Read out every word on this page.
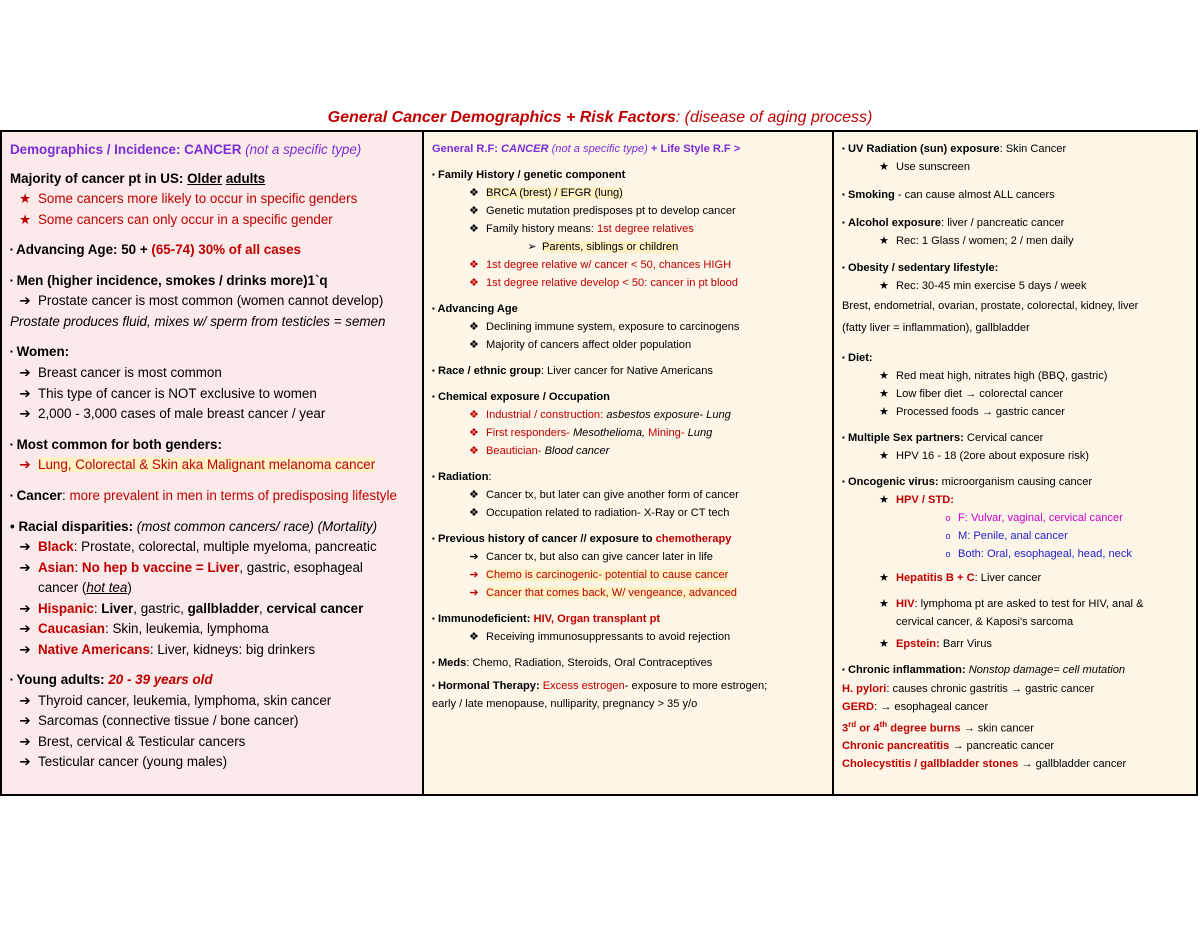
General Cancer Demographics + Risk Factors: (disease of aging process)
Demographics / Incidence: CANCER (not a specific type)
Majority of cancer pt in US: Older adults
★ Some cancers more likely to occur in specific genders
★ Some cancers can only occur in a specific gender
▪ Advancing Age: 50 + (65-74) 30% of all cases
▪ Men (higher incidence, smokes / drinks more)1`q
➔ Prostate cancer is most common (women cannot develop)
Prostate produces fluid, mixes w/ sperm from testicles = semen
▪ Women:
➔ Breast cancer is most common
➔ This type of cancer is NOT exclusive to women
➔ 2,000 - 3,000 cases of male breast cancer / year
▪ Most common for both genders:
➔ Lung, Colorectal & Skin aka Malignant melanoma cancer
▪ Cancer: more prevalent in men in terms of predisposing lifestyle
• Racial disparities: (most common cancers/ race) (Mortality)
➔ Black: Prostate, colorectal, multiple myeloma, pancreatic
➔ Asian: No hep b vaccine = Liver, gastric, esophageal
cancer (hot tea)
➔ Hispanic: Liver, gastric, gallbladder, cervical cancer
➔ Caucasian: Skin, leukemia, lymphoma
➔ Native Americans: Liver, kidneys: big drinkers
▪ Young adults: 20 - 39 years old
➔ Thyroid cancer, leukemia, lymphoma, skin cancer
➔ Sarcomas (connective tissue / bone cancer)
➔ Brest, cervical & Testicular cancers
➔ Testicular cancer (young males)
General R.F: CANCER (not a specific type) + Life Style R.F >
▪ Family History / genetic component
❖ BRCA (brest) / EFGR (lung)
❖ Genetic mutation predisposes pt to develop cancer
❖ Family history means: 1st degree relatives
➢ Parents, siblings or children
❖ 1st degree relative w/ cancer < 50, chances HIGH
❖ 1st degree relative develop < 50: cancer in pt blood
▪ Advancing Age
❖ Declining immune system, exposure to carcinogens
❖ Majority of cancers affect older population
▪ Race / ethnic group: Liver cancer for Native Americans
▪ Chemical exposure / Occupation
❖ Industrial / construction: asbestos exposure- Lung
❖ First responders- Mesothelioma, Mining- Lung
❖ Beautician- Blood cancer
▪ Radiation:
❖ Cancer tx, but later can give another form of cancer
❖ Occupation related to radiation- X-Ray or CT tech
▪ Previous history of cancer // exposure to chemotherapy
➔ Cancer tx, but also can give cancer later in life
➔ Chemo is carcinogenic- potential to cause cancer
➔ Cancer that comes back, W/ vengeance, advanced
▪ Immunodeficient: HIV, Organ transplant pt
❖ Receiving immunosuppressants to avoid rejection
▪ Meds: Chemo, Radiation, Steroids, Oral Contraceptives
▪ Hormonal Therapy: Excess estrogen- exposure to more estrogen;
early / late menopause, nulliparity, pregnancy > 35 y/o
▪ UV Radiation (sun) exposure: Skin Cancer
★ Use sunscreen
▪ Smoking - can cause almost ALL cancers
▪ Alcohol exposure: liver / pancreatic cancer
★ Rec: 1 Glass / women; 2 / men daily
▪ Obesity / sedentary lifestyle:
★ Rec: 30-45 min exercise 5 days / week
Brest, endometrial, ovarian, prostate, colorectal, kidney, liver
(fatty liver = inflammation), gallbladder
▪ Diet:
★ Red meat high, nitrates high (BBQ, gastric)
★ Low fiber diet → colorectal cancer
★ Processed foods → gastric cancer
▪ Multiple Sex partners: Cervical cancer
★ HPV 16 - 18 (2ore about exposure risk)
▪ Oncogenic virus: microorganism causing cancer
★ HPV / STD:
o F: Vulvar, vaginal, cervical cancer
o M: Penile, anal cancer
o Both: Oral, esophageal, head, neck
★ Hepatitis B + C: Liver cancer
★ HIV: lymphoma pt are asked to test for HIV, anal &
cervical cancer, & Kaposi's sarcoma
★ Epstein: Barr Virus
▪ Chronic inflammation: Nonstop damage= cell mutation
H. pylori: causes chronic gastritis → gastric cancer
GERD: → esophageal cancer
3rd or 4th degree burns → skin cancer
Chronic pancreatitis → pancreatic cancer
Cholecystitis / gallbladder stones → gallbladder cancer
